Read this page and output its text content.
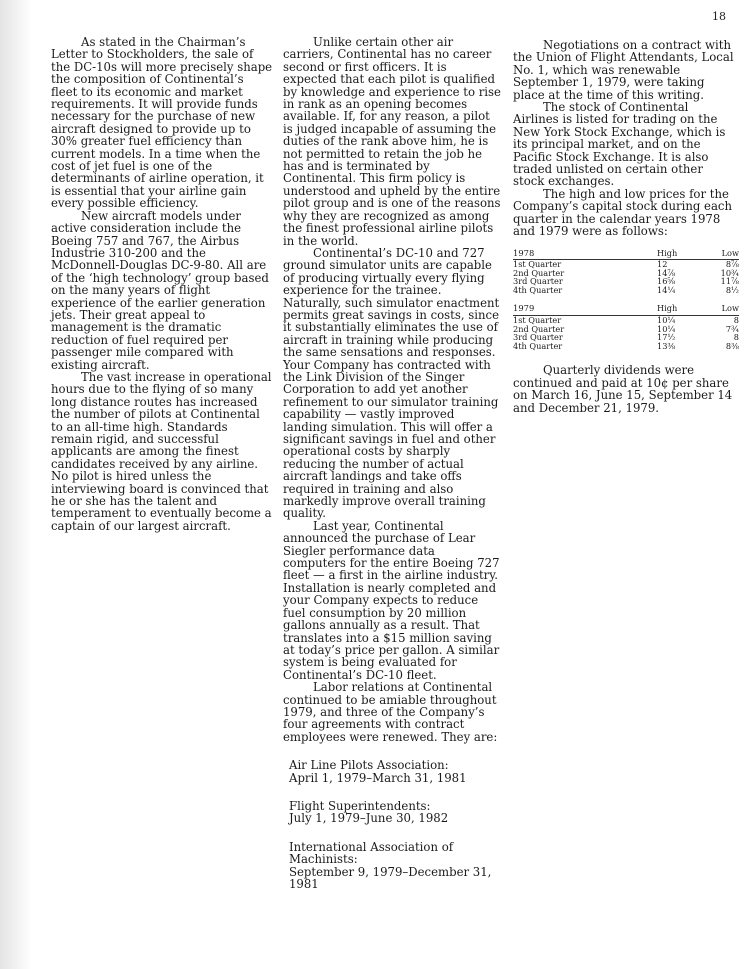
18

As stated in the Chairman’s Letter to Stockholders, the sale of the DC-10s will more precisely shape the composition of Continental’s fleet to its economic and market requirements. It will provide funds necessary for the purchase of new aircraft designed to provide up to 30% greater fuel efficiency than current models. In a time when the cost of jet fuel is one of the determinants of airline operation, it is essential that your airline gain every possible efficiency.

New aircraft models under active consideration include the Boeing 757 and 767, the Airbus Industrie 310-200 and the McDonnell-Douglas DC-9-80. All are of the ‘high technology’ group based on the many years of flight experience of the earlier generation jets. Their great appeal to management is the dramatic reduction of fuel required per passenger mile compared with existing aircraft.

The vast increase in operational hours due to the flying of so many long distance routes has increased the number of pilots at Continental to an all-time high. Standards remain rigid, and successful applicants are among the finest candidates received by any airline. No pilot is hired unless the interviewing board is convinced that he or she has the talent and temperament to eventually become a captain of our largest aircraft.

Unlike certain other air carriers, Continental has no career second or first officers. It is expected that each pilot is qualified by knowledge and experience to rise in rank as an opening becomes available. If, for any reason, a pilot is judged incapable of assuming the duties of the rank above him, he is not permitted to retain the job he has and is terminated by Continental. This firm policy is understood and upheld by the entire pilot group and is one of the reasons why they are recognized as among the finest professional airline pilots in the world.

Continental’s DC-10 and 727 ground simulator units are capable of producing virtually every flying experience for the trainee. Naturally, such simulator enactment permits great savings in costs, since it substantially eliminates the use of aircraft in training while producing the same sensations and responses. Your Company has contracted with the Link Division of the Singer Corporation to add yet another refinement to our simulator training capability — vastly improved landing simulation. This will offer a significant savings in fuel and other operational costs by sharply reducing the number of actual aircraft landings and take offs required in training and also markedly improve overall training quality.

Last year, Continental announced the purchase of Lear Siegler performance data computers for the entire Boeing 727 fleet — a first in the airline industry. Installation is nearly completed and your Company expects to reduce fuel consumption by 20 million gallons annually as a result. That translates into a $15 million saving at today’s price per gallon. A similar system is being evaluated for Continental’s DC-10 fleet.

Labor relations at Continental continued to be amiable throughout 1979, and three of the Company’s four agreements with contract employees were renewed. They are:

Air Line Pilots Association:
April 1, 1979–March 31, 1981

Flight Superintendents:
July 1, 1979–June 30, 1982

International Association of Machinists:
September 9, 1979–December 31, 1981

Negotiations on a contract with the Union of Flight Attendants, Local No. 1, which was renewable September 1, 1979, were taking place at the time of this writing.

The stock of Continental Airlines is listed for trading on the New York Stock Exchange, which is its principal market, and on the Pacific Stock Exchange. It is also traded unlisted on certain other stock exchanges.

The high and low prices for the Company’s capital stock during each quarter in the calendar years 1978 and 1979 were as follows:

1978	High	Low
1st Quarter	12	8⅞
2nd Quarter	14⅞	10¾
3rd Quarter	16⅝	11⅞
4th Quarter	14¼	8½

1979	High	Low
1st Quarter	10¼	8
2nd Quarter	10¼	7¾
3rd Quarter	17½	8
4th Quarter	13⅜	8⅜

Quarterly dividends were continued and paid at 10¢ per share on March 16, June 15, September 14 and December 21, 1979.
